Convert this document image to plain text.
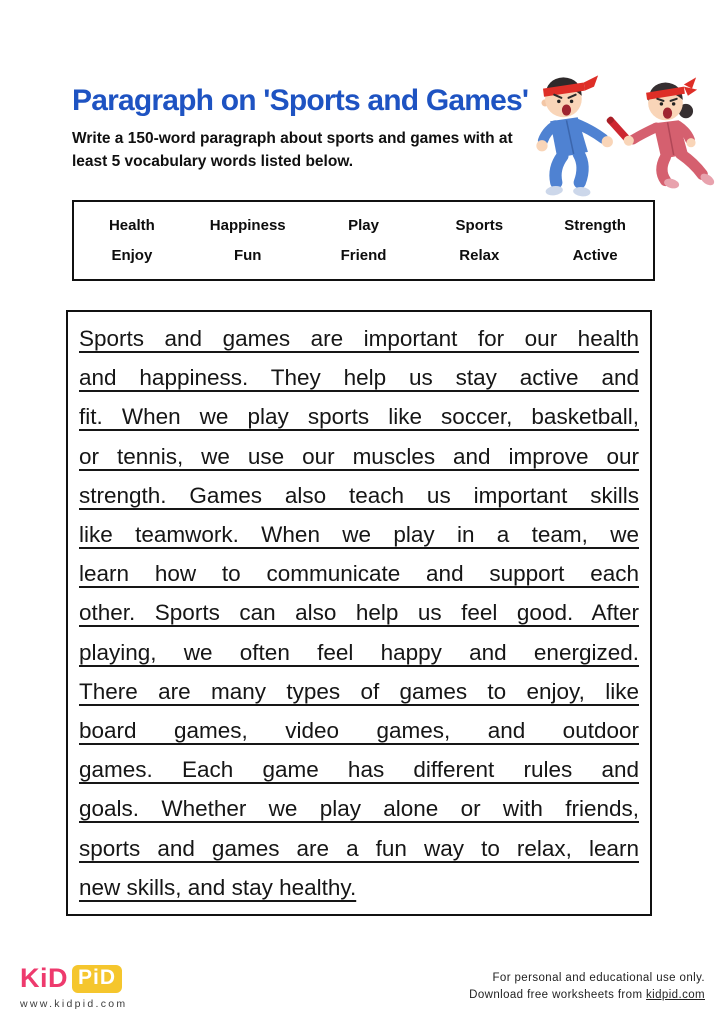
Paragraph on 'Sports and Games'

Write a 150-word paragraph about sports and games with at least 5 vocabulary words listed below.

Health	Happiness	Play	Sports	Strength
Enjoy	Fun	Friend	Relax	Active
Sports and games are important for our health
and happiness. They help us stay active and
fit. When we play sports like soccer, basketball,
or tennis, we use our muscles and improve our
strength. Games also teach us important skills
like teamwork. When we play in a team, we
learn how to communicate and support each
other. Sports can also help us feel good. After
playing, we often feel happy and energized.
There are many types of games to enjoy, like
board games, video games, and outdoor
games. Each game has different rules and
goals. Whether we play alone or with friends,
sports and games are a fun way to relax, learn
new skills, and stay healthy.
KiD PiD
www.kidpid.com
For personal and educational use only.
Download free worksheets from kidpid.com
